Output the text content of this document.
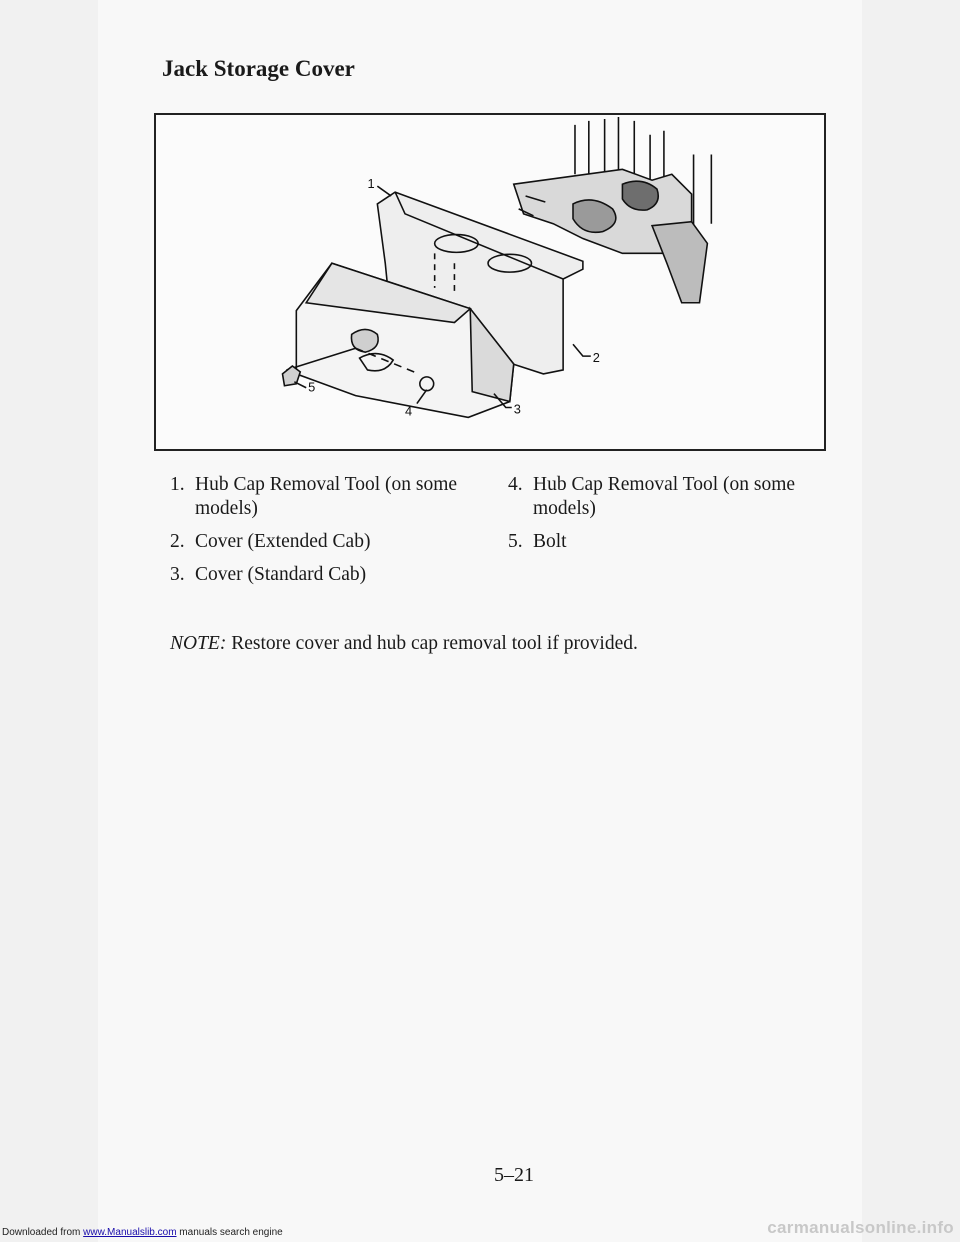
Jack Storage Cover
1
2
3
4
5
1. Hub Cap Removal Tool (on some models)
2. Cover (Extended Cab)
3. Cover (Standard Cab)
4. Hub Cap Removal Tool (on some models)
5. Bolt

NOTE: Restore cover and hub cap removal tool if provided.

5–21
Downloaded from www.Manualslib.com manuals search engine	carmanualsonline.info
